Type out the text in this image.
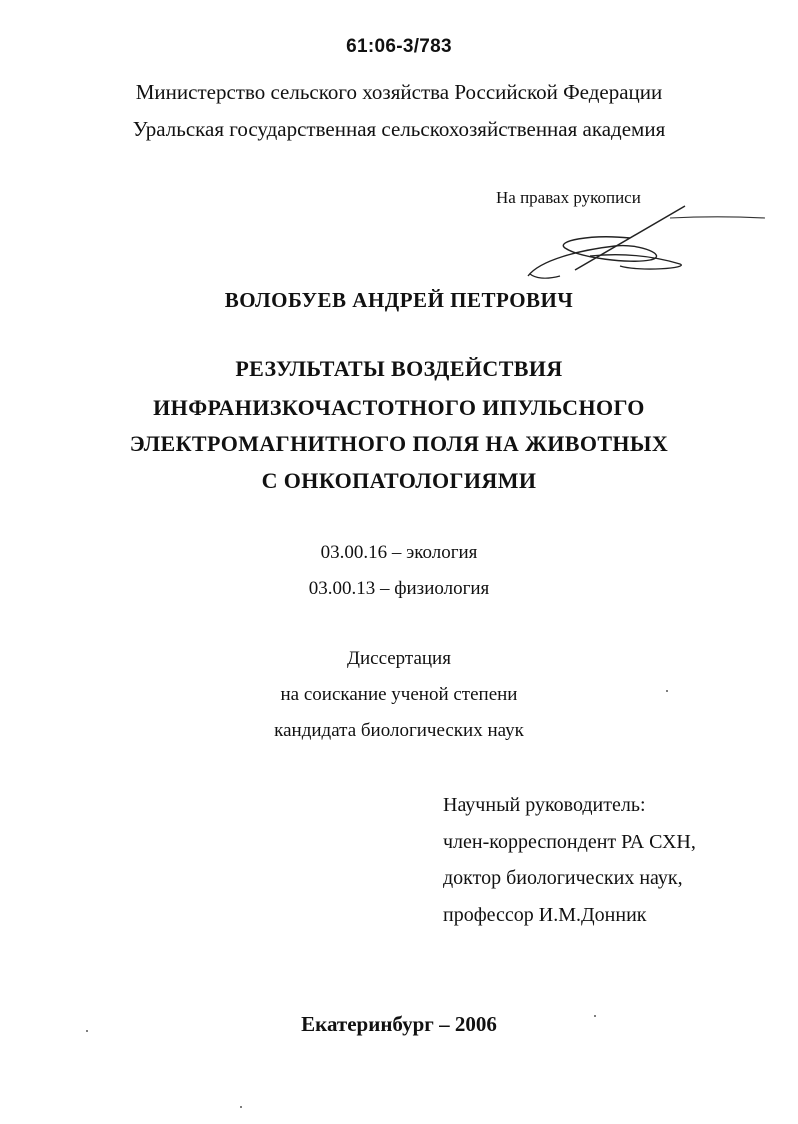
61:06-3/783
Министерство сельского хозяйства Российской Федерации
Уральская государственная сельскохозяйственная академия
На правах рукописи
ВОЛОБУЕВ АНДРЕЙ ПЕТРОВИЧ
РЕЗУЛЬТАТЫ ВОЗДЕЙСТВИЯ
ИНФРАНИЗКОЧАСТОТНОГО ИПУЛЬСНОГО
ЭЛЕКТРОМАГНИТНОГО ПОЛЯ НА ЖИВОТНЫХ
С ОНКОПАТОЛОГИЯМИ
03.00.16 – экология
03.00.13 – физиология
Диссертация
на соискание ученой степени
кандидата биологических наук
Научный руководитель:
член-корреспондент РА СХН,
доктор биологических наук,
профессор И.М.Донник
Екатеринбург – 2006
